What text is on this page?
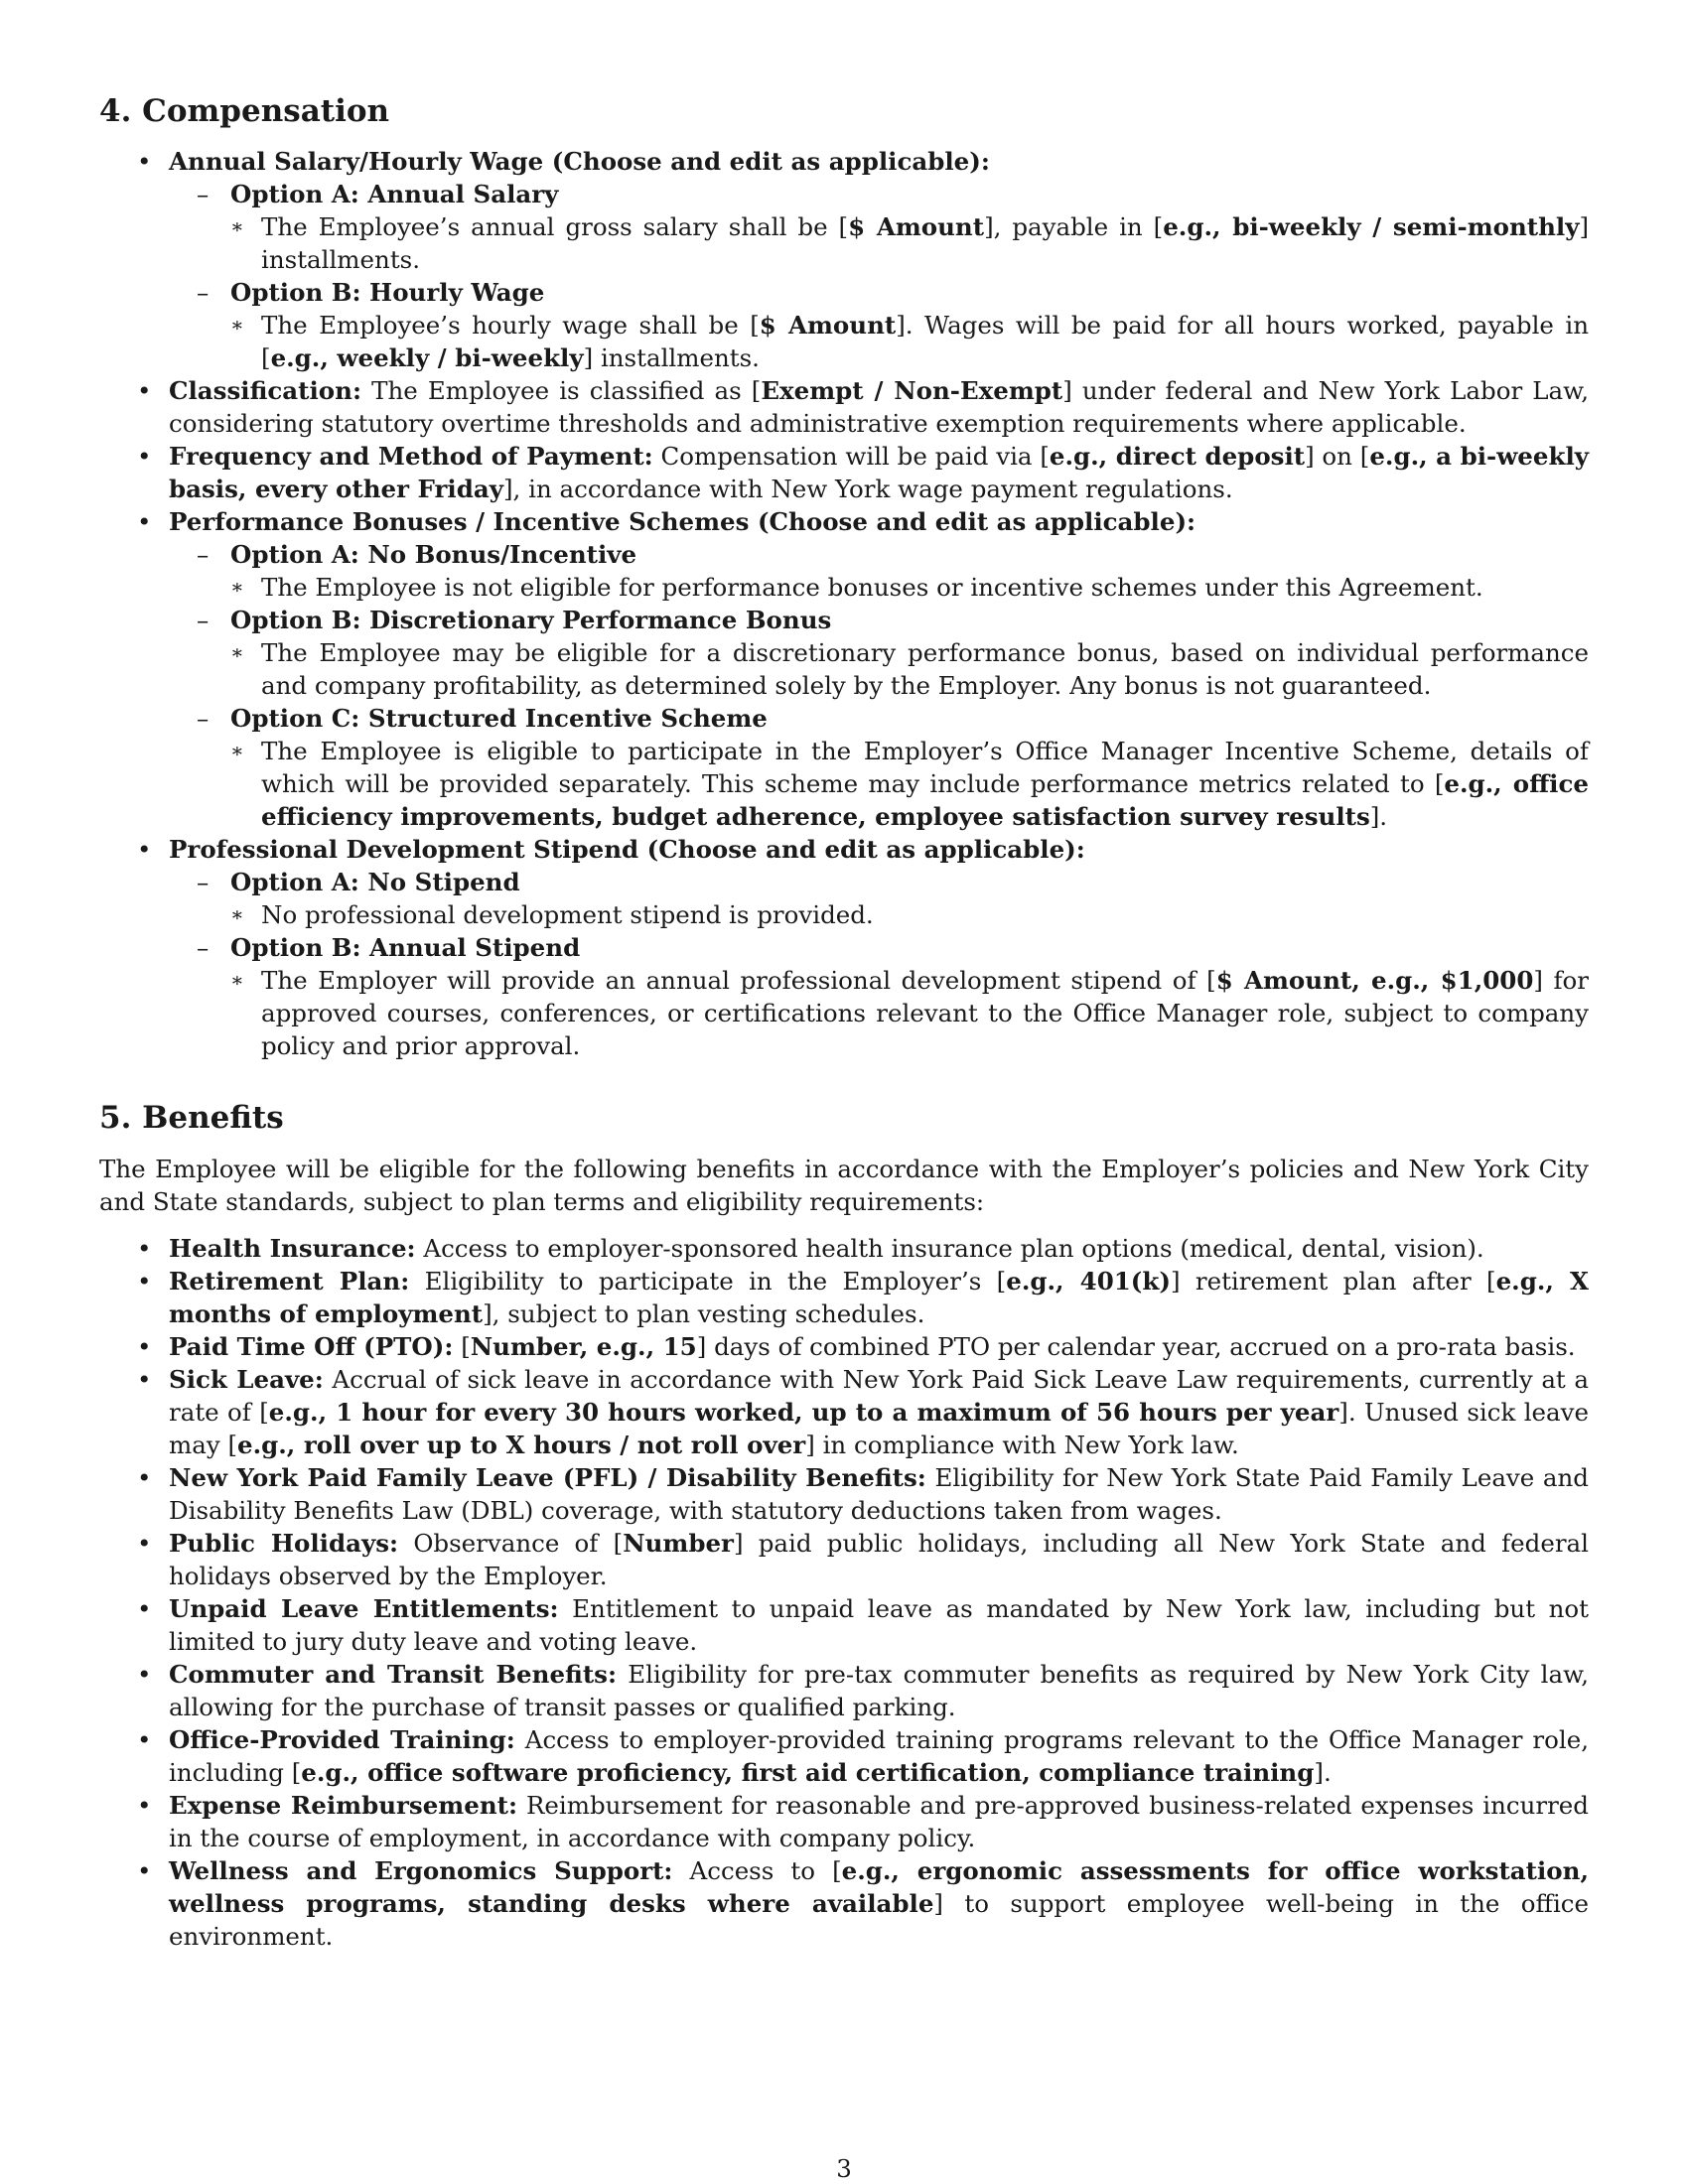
4. Compensation
• Annual Salary/Hourly Wage (Choose and edit as applicable):
– Option A: Annual Salary
∗ The Employee’s annual gross salary shall be [$ Amount], payable in [e.g., bi-weekly / semi-monthly] installments.
– Option B: Hourly Wage
∗ The Employee’s hourly wage shall be [$ Amount]. Wages will be paid for all hours worked, payable in [e.g., weekly / bi-weekly] installments.
• Classification: The Employee is classified as [Exempt / Non-Exempt] under federal and New York Labor Law, considering statutory overtime thresholds and administrative exemption requirements where applicable.
• Frequency and Method of Payment: Compensation will be paid via [e.g., direct deposit] on [e.g., a bi-weekly basis, every other Friday], in accordance with New York wage payment regulations.
• Performance Bonuses / Incentive Schemes (Choose and edit as applicable):
– Option A: No Bonus/Incentive
∗ The Employee is not eligible for performance bonuses or incentive schemes under this Agreement.
– Option B: Discretionary Performance Bonus
∗ The Employee may be eligible for a discretionary performance bonus, based on individual performance and company profitability, as determined solely by the Employer. Any bonus is not guaranteed.
– Option C: Structured Incentive Scheme
∗ The Employee is eligible to participate in the Employer’s Office Manager Incentive Scheme, details of which will be provided separately. This scheme may include performance metrics related to [e.g., office efficiency improvements, budget adherence, employee satisfaction survey results].
• Professional Development Stipend (Choose and edit as applicable):
– Option A: No Stipend
∗ No professional development stipend is provided.
– Option B: Annual Stipend
∗ The Employer will provide an annual professional development stipend of [$ Amount, e.g., $1,000] for approved courses, conferences, or certifications relevant to the Office Manager role, subject to company policy and prior approval.
5. Benefits

The Employee will be eligible for the following benefits in accordance with the Employer’s policies and New York City and State standards, subject to plan terms and eligibility requirements:

• Health Insurance: Access to employer-sponsored health insurance plan options (medical, dental, vision).
• Retirement Plan: Eligibility to participate in the Employer’s [e.g., 401(k)] retirement plan after [e.g., X months of employment], subject to plan vesting schedules.
• Paid Time Off (PTO): [Number, e.g., 15] days of combined PTO per calendar year, accrued on a pro-rata basis.
• Sick Leave: Accrual of sick leave in accordance with New York Paid Sick Leave Law requirements, currently at a rate of [e.g., 1 hour for every 30 hours worked, up to a maximum of 56 hours per year]. Unused sick leave may [e.g., roll over up to X hours / not roll over] in compliance with New York law.
• New York Paid Family Leave (PFL) / Disability Benefits: Eligibility for New York State Paid Family Leave and Disability Benefits Law (DBL) coverage, with statutory deductions taken from wages.
• Public Holidays: Observance of [Number] paid public holidays, including all New York State and federal holidays observed by the Employer.
• Unpaid Leave Entitlements: Entitlement to unpaid leave as mandated by New York law, including but not limited to jury duty leave and voting leave.
• Commuter and Transit Benefits: Eligibility for pre-tax commuter benefits as required by New York City law, allowing for the purchase of transit passes or qualified parking.
• Office-Provided Training: Access to employer-provided training programs relevant to the Office Manager role, including [e.g., office software proficiency, first aid certification, compliance training].
• Expense Reimbursement: Reimbursement for reasonable and pre-approved business-related expenses incurred in the course of employment, in accordance with company policy.
• Wellness and Ergonomics Support: Access to [e.g., ergonomic assessments for office workstation, wellness programs, standing desks where available] to support employee well-being in the office environment.
3
